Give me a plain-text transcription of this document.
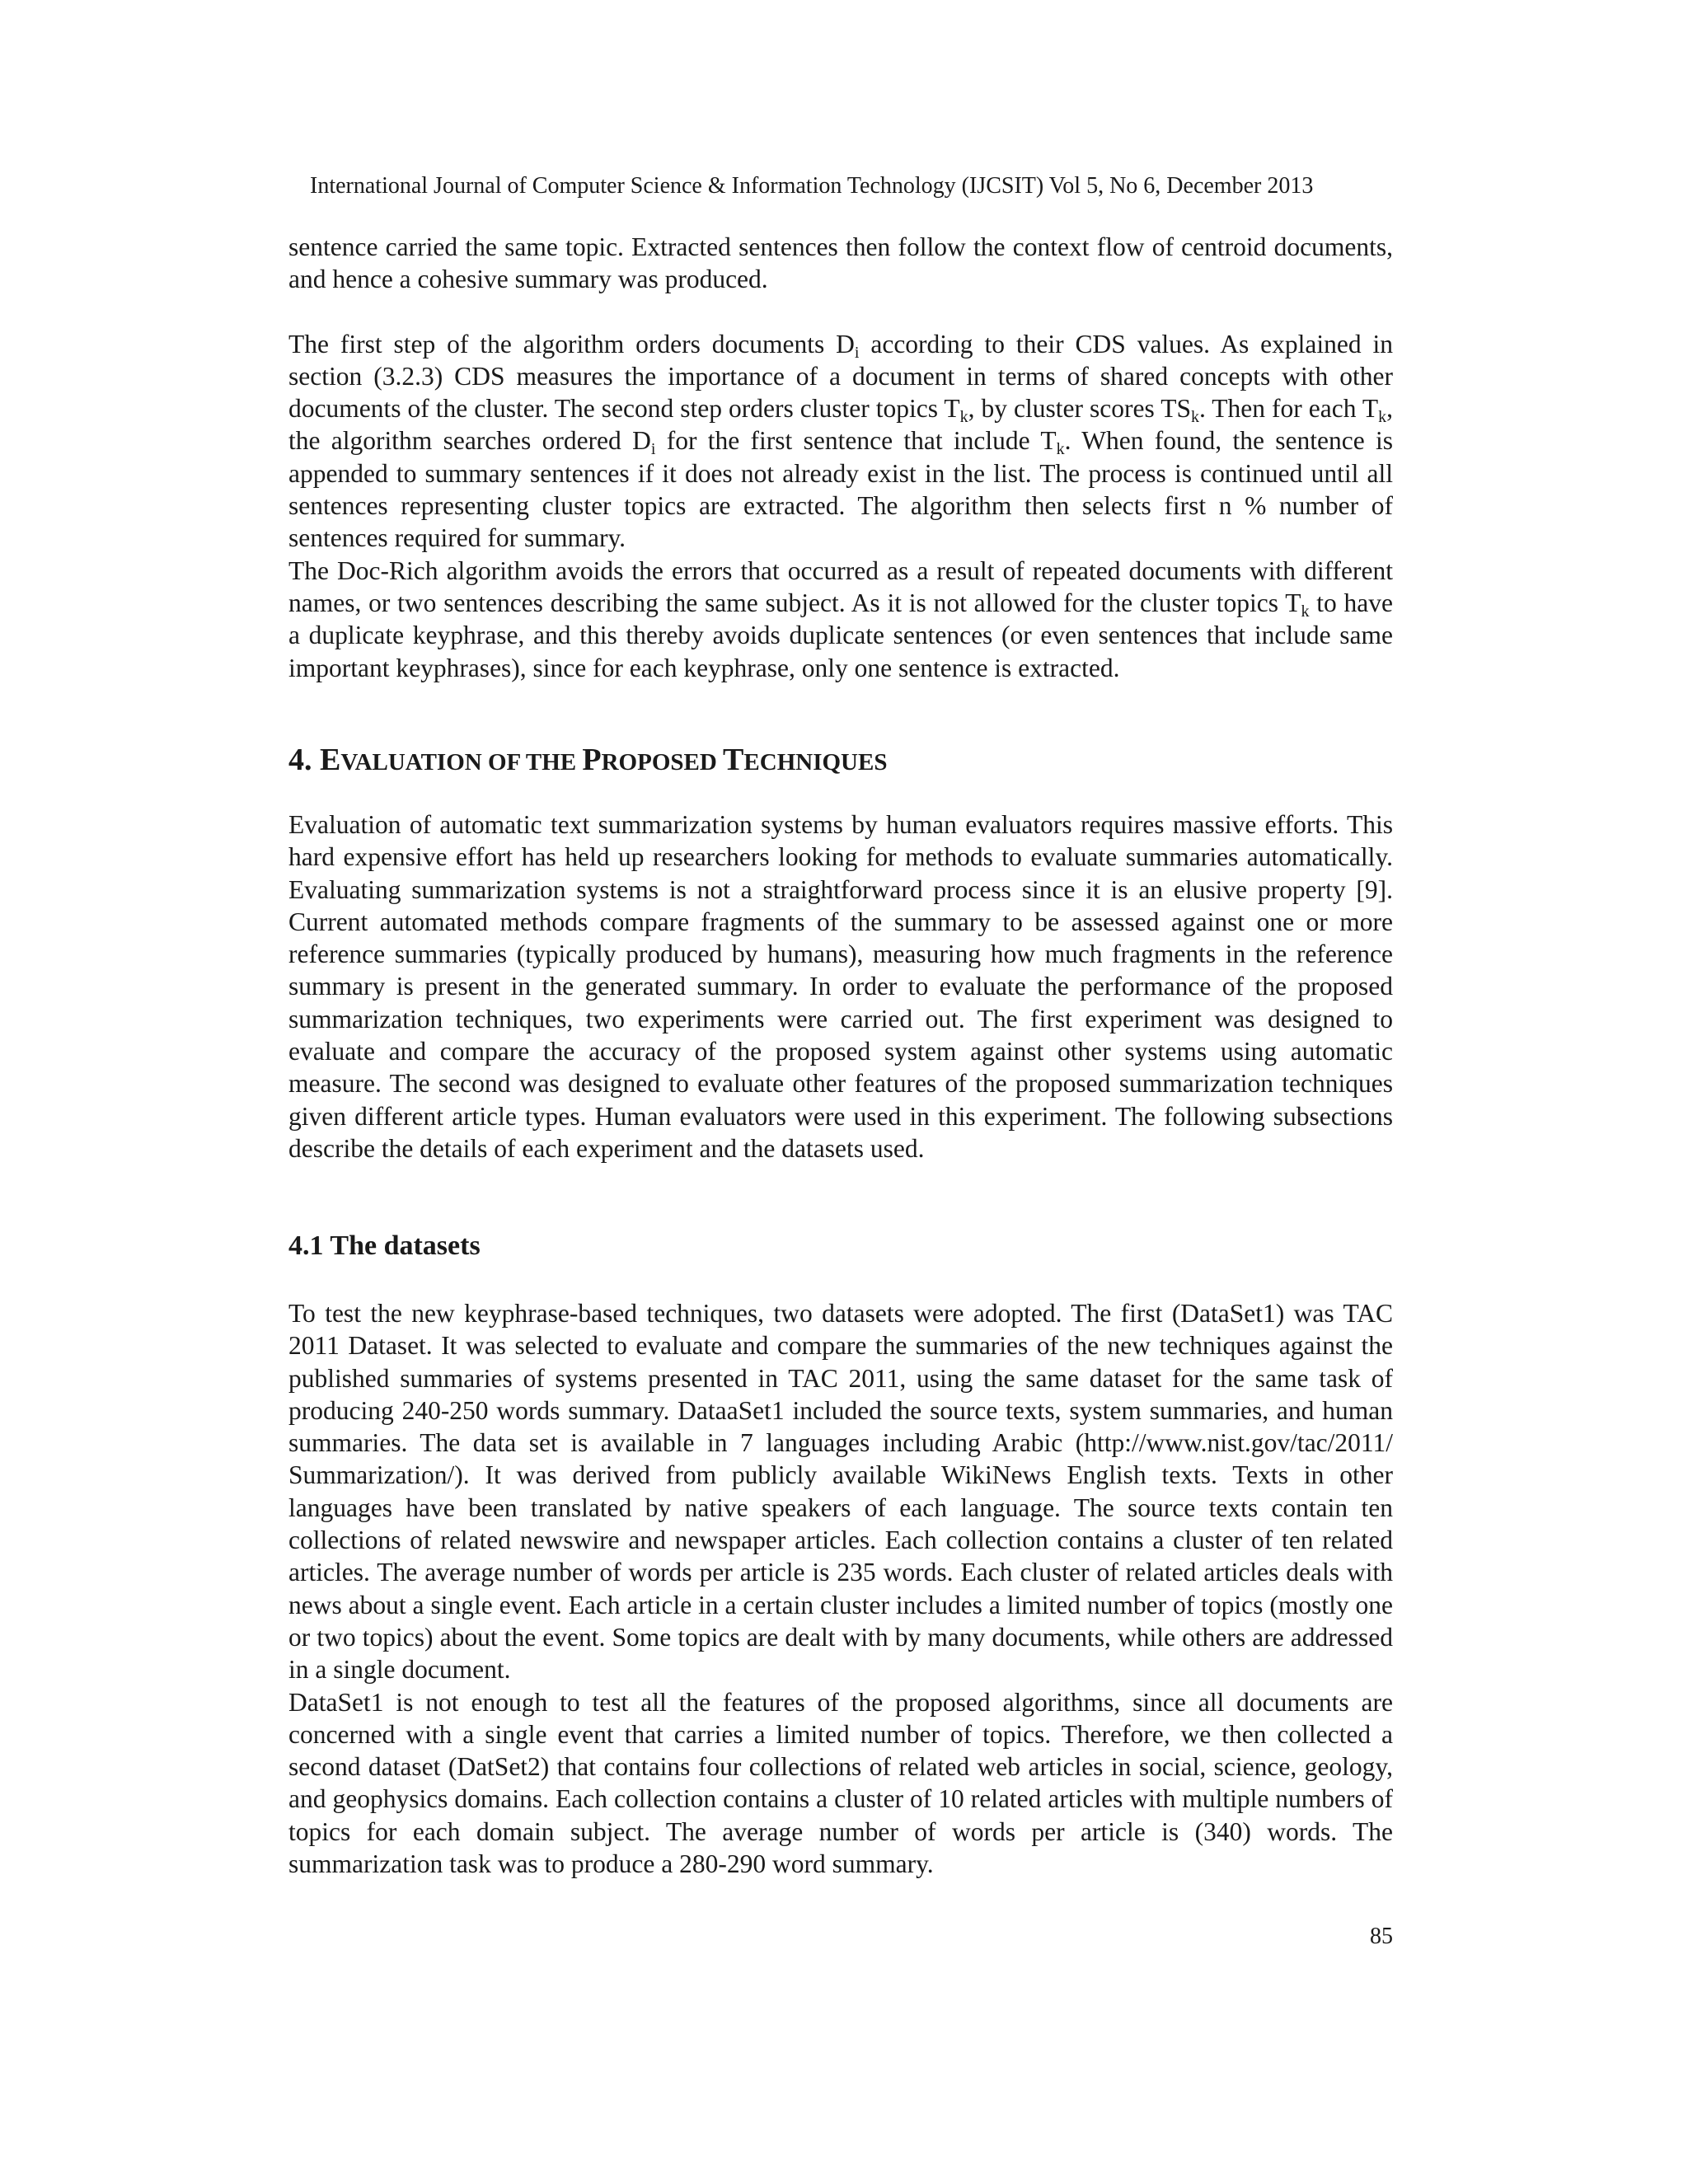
International Journal of Computer Science & Information Technology (IJCSIT) Vol 5, No 6, December 2013

sentence carried the same topic. Extracted sentences then follow the context flow of centroid documents, and hence a cohesive summary was produced.

The first step of the algorithm orders documents $D_i$ according to their CDS values. As explained in section (3.2.3) CDS measures the importance of a document in terms of shared concepts with other documents of the cluster. The second step orders cluster topics $T_k$, by cluster scores $TS_k$. Then for each $T_k$, the algorithm searches ordered $D_i$ for the first sentence that include $T_k$. When found, the sentence is appended to summary sentences if it does not already exist in the list. The process is continued until all sentences representing cluster topics are extracted. The algorithm then selects first n % number of sentences required for summary.

The Doc-Rich algorithm avoids the errors that occurred as a result of repeated documents with different names, or two sentences describing the same subject. As it is not allowed for the cluster topics $T_k$ to have a duplicate keyphrase, and this thereby avoids duplicate sentences (or even sentences that include same important keyphrases), since for each keyphrase, only one sentence is extracted.

4. EVALUATION OF THE PROPOSED TECHNIQUES

Evaluation of automatic text summarization systems by human evaluators requires massive efforts. This hard expensive effort has held up researchers looking for methods to evaluate summaries automatically. Evaluating summarization systems is not a straightforward process since it is an elusive property [9]. Current automated methods compare fragments of the summary to be assessed against one or more reference summaries (typically produced by humans), measuring how much fragments in the reference summary is present in the generated summary. In order to evaluate the performance of the proposed summarization techniques, two experiments were carried out. The first experiment was designed to evaluate and compare the accuracy of the proposed system against other systems using automatic measure. The second was designed to evaluate other features of the proposed summarization techniques given different article types. Human evaluators were used in this experiment. The following subsections describe the details of each experiment and the datasets used.

4.1 The datasets

To test the new keyphrase-based techniques, two datasets were adopted. The first (DataSet1) was TAC 2011 Dataset. It was selected to evaluate and compare the summaries of the new techniques against the published summaries of systems presented in TAC 2011, using the same dataset for the same task of producing 240-250 words summary. DataaSet1 included the source texts, system summaries, and human summaries. The data set is available in 7 languages including Arabic (http://www.nist.gov/tac/2011/ Summarization/). It was derived from publicly available WikiNews English texts. Texts in other languages have been translated by native speakers of each language. The source texts contain ten collections of related newswire and newspaper articles. Each collection contains a cluster of ten related articles. The average number of words per article is 235 words. Each cluster of related articles deals with news about a single event. Each article in a certain cluster includes a limited number of topics (mostly one or two topics) about the event. Some topics are dealt with by many documents, while others are addressed in a single document.

DataSet1 is not enough to test all the features of the proposed algorithms, since all documents are concerned with a single event that carries a limited number of topics. Therefore, we then collected a second dataset (DatSet2) that contains four collections of related web articles in social, science, geology, and geophysics domains. Each collection contains a cluster of 10 related articles with multiple numbers of topics for each domain subject. The average number of words per article is (340) words. The summarization task was to produce a 280-290 word summary.

85
